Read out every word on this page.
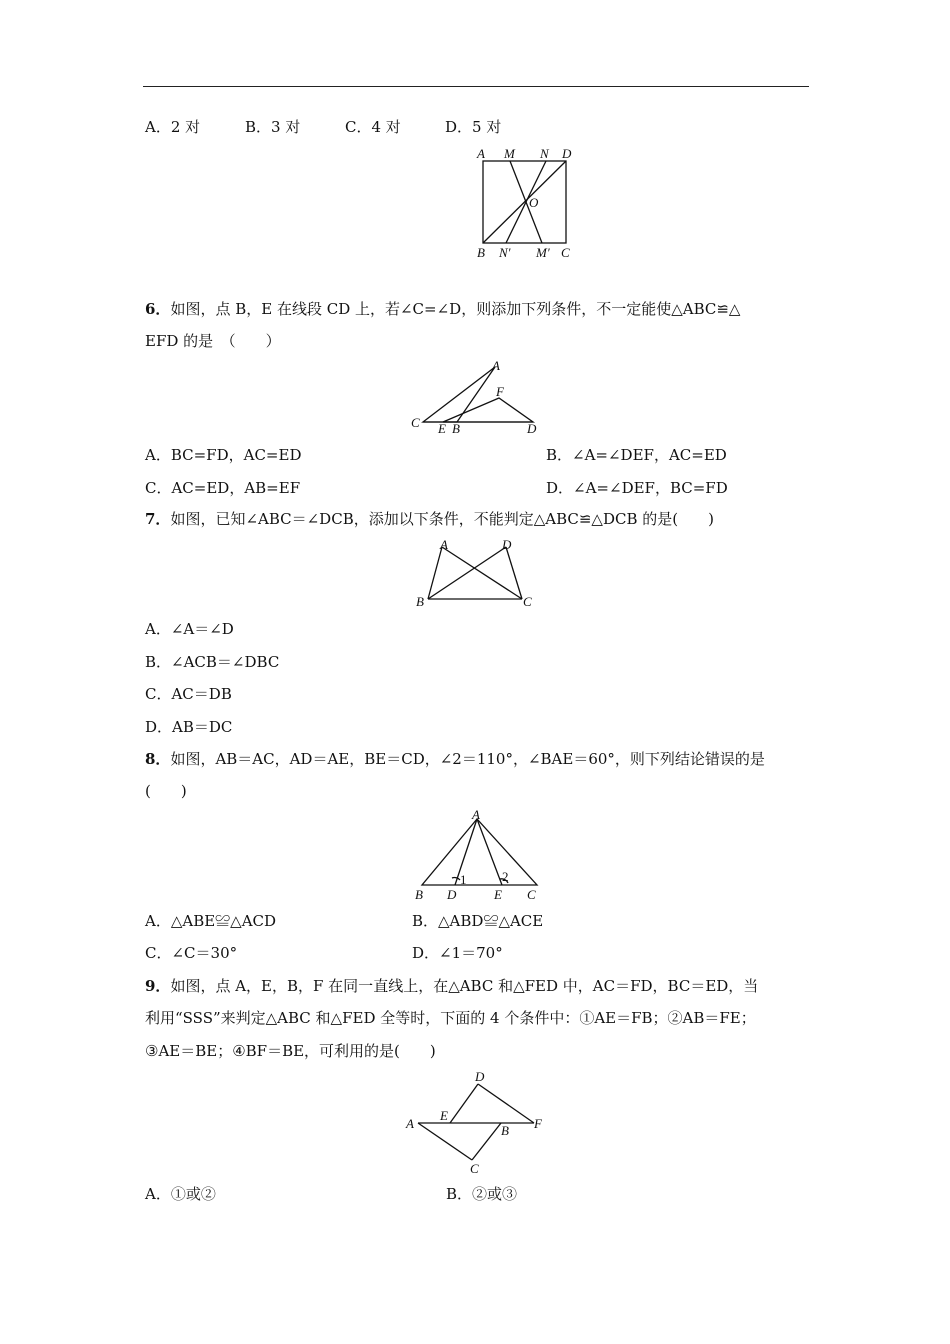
A．2 对	B．3 对	C．4 对	D．5 对
A M N D
O
B N′ M′ C
6．如图，点 B，E 在线段 CD 上，若∠C=∠D，则添加下列条件，不一定能使△ABC≌△
EFD 的是　（　　）
A
F
C E B	D
A．BC=FD，AC=ED	B．∠A=∠DEF，AC=ED
C．AC=ED，AB=EF	D．∠A=∠DEF，BC=FD
7．如图，已知∠ABC＝∠DCB，添加以下条件，不能判定△ABC≌△DCB 的是(　　)
A	D
B	C
A．∠A＝∠D
B．∠ACB＝∠DBC
C．AC＝DB
D．AB＝DC
8．如图，AB＝AC，AD＝AE，BE＝CD，∠2＝110°，∠BAE＝60°，则下列结论错误的是
(　　)
A
B D	E C
1	2
A．△ABE≌△ACD	B．△ABD≌△ACE
C．∠C＝30°	D．∠1＝70°
9．如图，点 A，E，B，F 在同一直线上，在△ABC 和△FED 中，AC＝FD，BC＝ED，当
利用“SSS”来判定△ABC 和△FED 全等时，下面的 4 个条件中：①AE＝FB；②AB＝FE；
③AE＝BE；④BF＝BE，可利用的是(　　)
D
A
E
B F
C
A．①或②	B．②或③
